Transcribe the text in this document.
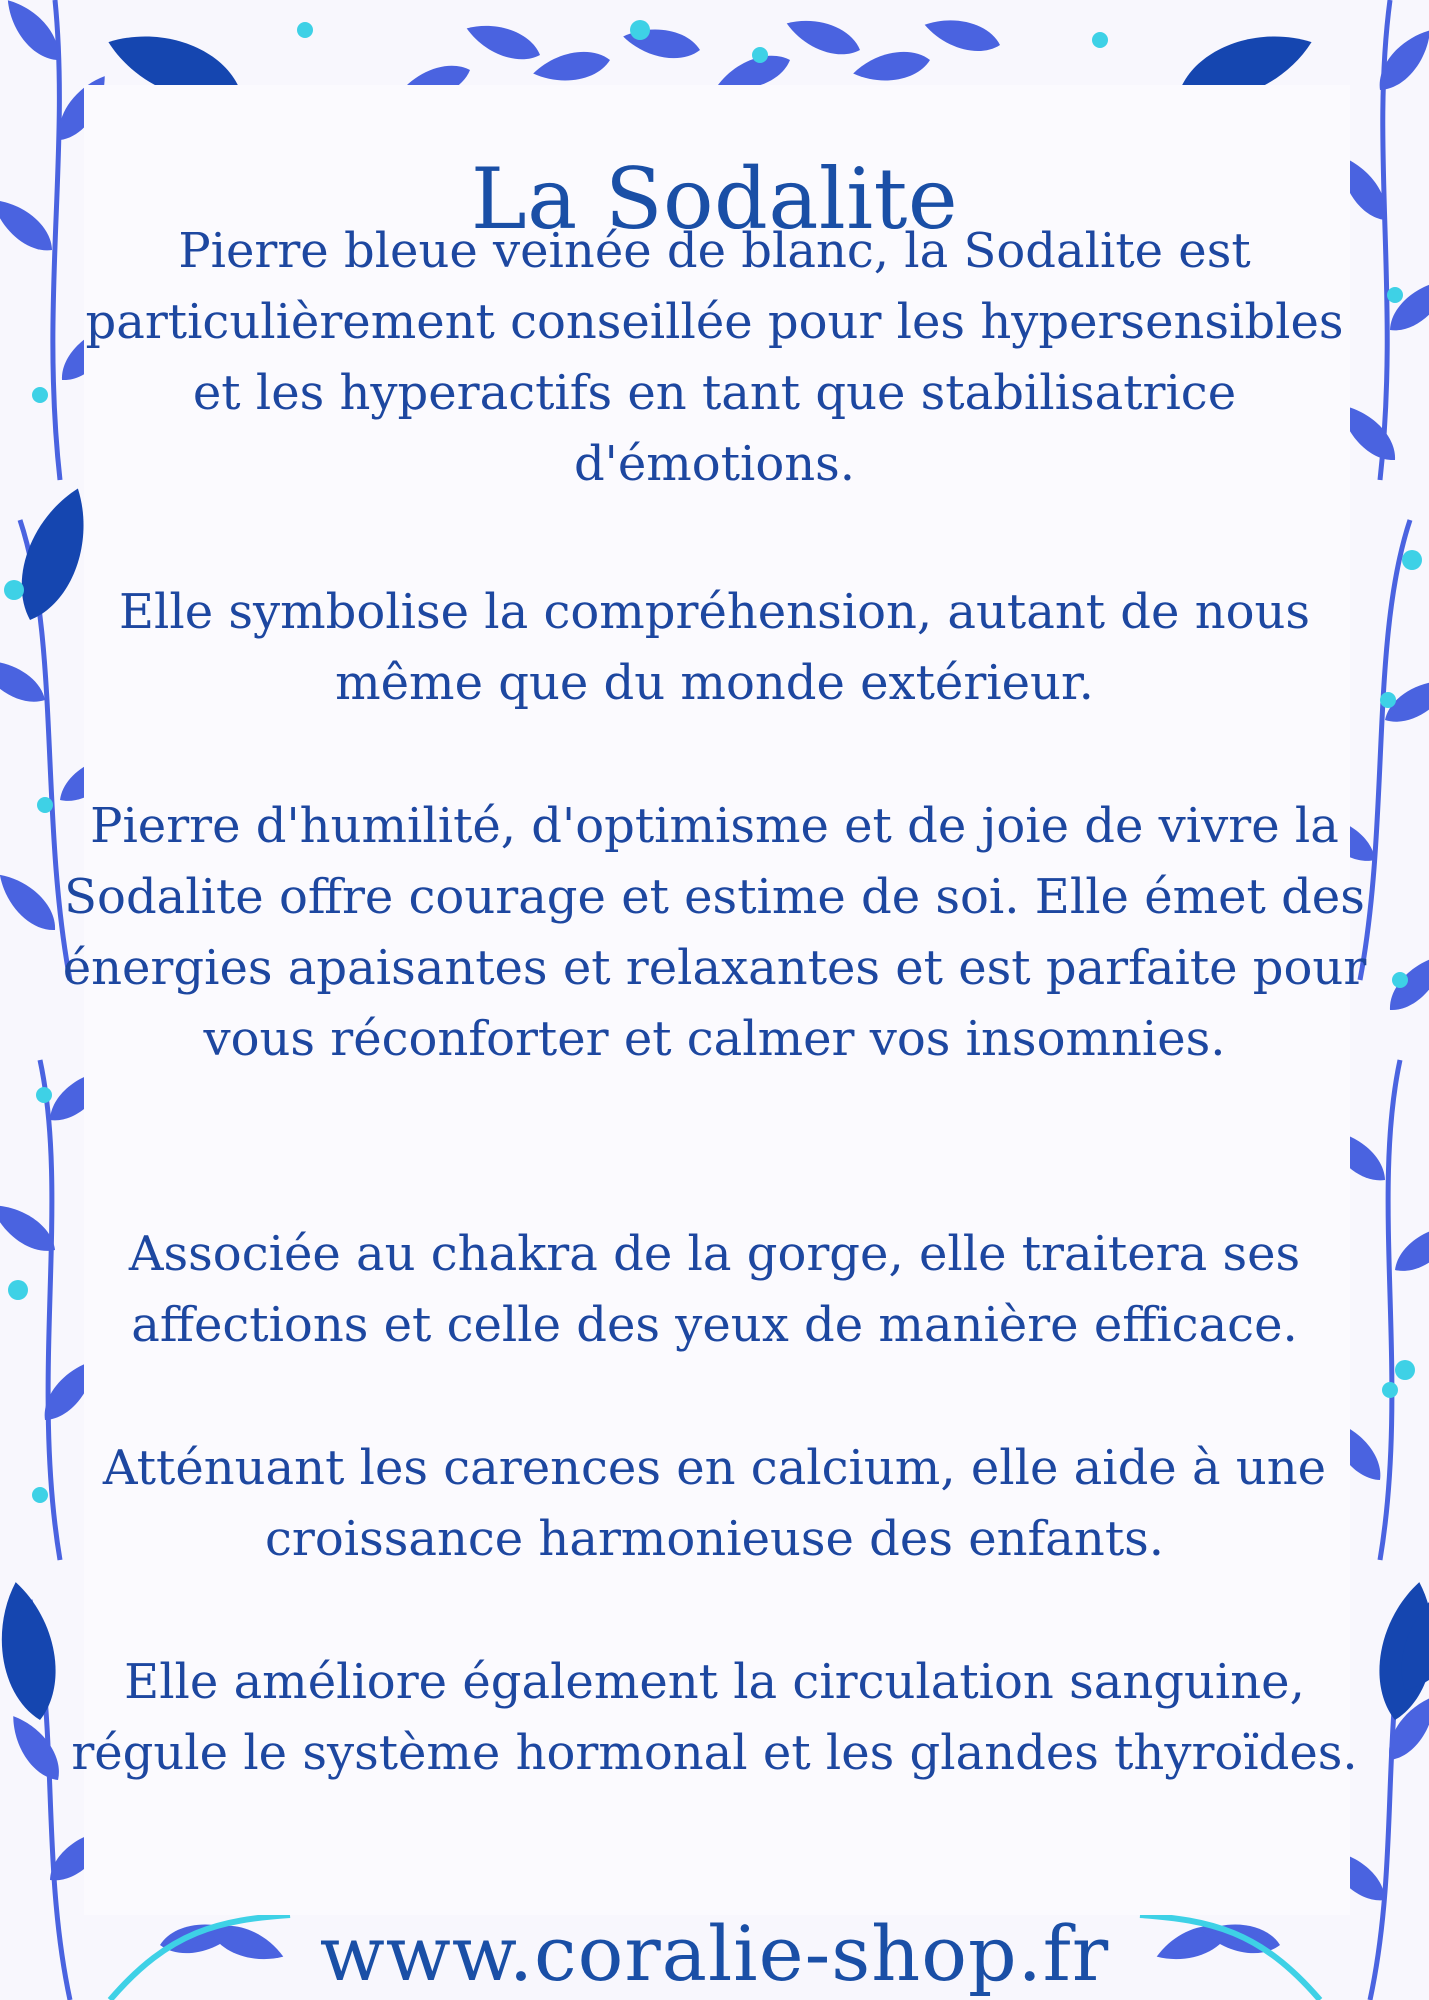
La Sodalite

Pierre bleue veinée de blanc, la Sodalite est particulièrement conseillée pour les hypersensibles et les hyperactifs en tant que stabilisatrice d'émotions.

Elle symbolise la compréhension, autant de nous même que du monde extérieur.

Pierre d'humilité, d'optimisme et de joie de vivre la Sodalite offre courage et estime de soi. Elle émet des énergies apaisantes et relaxantes et est parfaite pour vous réconforter et calmer vos insomnies.

Associée au chakra de la gorge, elle traitera ses affections et celle des yeux de manière efficace.

Atténuant les carences en calcium, elle aide à une croissance harmonieuse des enfants.

Elle améliore également la circulation sanguine, régule le système hormonal et les glandes thyroïdes.

www.coralie-shop.fr
